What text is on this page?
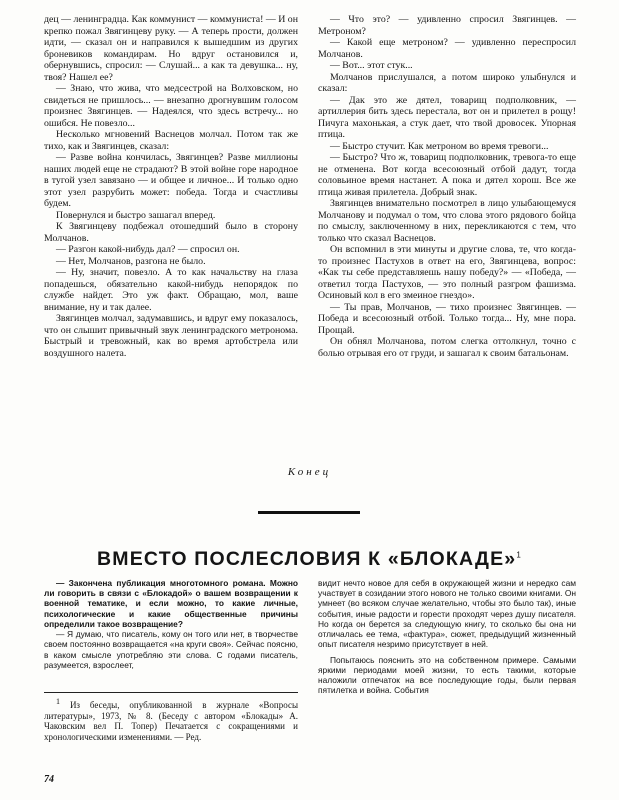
дец — ленинградца. Как коммунист — коммуниста! — И он крепко пожал Звягинцеву руку. — А теперь прости, должен идти, — сказал он и направился к вышедшим из других броневиков командирам. Но вдруг остановился и, обернувшись, спросил: — Слушай... а как та девушка... ну, твоя? Нашел ее?

— Знаю, что жива, что медсестрой на Волховском, но свидеться не пришлось... — внезапно дрогнувшим голосом произнес Звягинцев. — Надеялся, что здесь встречу... но ошибся. Не повезло...

Несколько мгновений Васнецов молчал. Потом так же тихо, как и Звягинцев, сказал:

— Разве война кончилась, Звягинцев? Разве миллионы наших людей еще не страдают? В этой войне горе народное в тугой узел завязано — и общее и личное... И только одно этот узел разрубить может: победа. Тогда и счастливы будем.

Повернулся и быстро зашагал вперед.

К Звягинцеву подбежал отошедший было в сторону Молчанов.

— Разгон какой-нибудь дал? — спросил он.

— Нет, Молчанов, разгона не было.

— Ну, значит, повезло. А то как начальству на глаза попадешься, обязательно какой-нибудь непорядок по службе найдет. Это уж факт. Обращаю, мол, ваше внимание, ну и так далее.

Звягинцев молчал, задумавшись, и вдруг ему показалось, что он слышит привычный звук ленинградского метронома. Быстрый и тревожный, как во время артобстрела или воздушного налета.

— Что это? — удивленно спросил Звягинцев. — Метроном?

— Какой еще метроном? — удивленно переспросил Молчанов.

— Вот... этот стук...

Молчанов прислушался, а потом широко улыбнулся и сказал:

— Дак это же дятел, товарищ подполковник, — артиллерия бить здесь перестала, вот он и прилетел в рощу! Пичуга махонькая, а стук дает, что твой дровосек. Упорная птица.

— Быстро стучит. Как метроном во время тревоги...

— Быстро? Что ж, товарищ подполковник, тревога-то еще не отменена. Вот когда всесоюзный отбой дадут, тогда соловьиное время настанет. А пока и дятел хорош. Все же птица живая прилетела. Добрый знак.

Звягинцев внимательно посмотрел в лицо улыбающемуся Молчанову и подумал о том, что слова этого рядового бойца по смыслу, заключенному в них, перекликаются с тем, что только что сказал Васнецов.

Он вспомнил в эти минуты и другие слова, те, что когда-то произнес Пастухов в ответ на его, Звягинцева, вопрос: «Как ты себе представляешь нашу победу?» — «Победа, — ответил тогда Пастухов, — это полный разгром фашизма. Осиновый кол в его змеиное гнездо».

— Ты прав, Молчанов, — тихо произнес Звягинцев. — Победа и всесоюзный отбой. Только тогда... Ну, мне пора. Прощай.

Он обнял Молчанова, потом слегка оттолкнул, точно с болью отрывая его от груди, и зашагал к своим батальонам.

Конец
ВМЕСТО ПОСЛЕСЛОВИЯ К «БЛОКАДЕ»$^1$

— Закончена публикация многотомного романа. Можно ли говорить в связи с «Блокадой» о вашем возвращении к военной тематике, и если можно, то какие личные, психологические и какие общественные причины определили такое возвращение?

— Я думаю, что писатель, кому он того или нет, в творчестве своем постоянно возвращается «на круги своя». Сейчас поясню, в каком смысле употребляю эти слова. С годами писатель, разумеется, взрослеет,

видит нечто новое для себя в окружающей жизни и нередко сам участвует в созидании этого нового не только своими книгами. Он умнеет (во всяком случае желательно, чтобы это было так), иные события, иные радости и горести проходят через душу писателя. Но когда он берется за следующую книгу, то сколько бы она ни отличалась ее тема, «фактура», сюжет, предыдущий жизненный опыт писателя незримо присутствует в ней.

Попытаюсь пояснить это на собственном примере. Самыми яркими периодами моей жизни, то есть такими, которые наложили отпечаток на все последующие годы, были первая пятилетка и война. События

$^1$ Из беседы, опубликованной в журнале «Вопросы литературы», 1973, № 8. (Беседу с автором «Блокады» А. Чаковским вел П. Топер) Печатается с сокращениями и хронологическими изменениями. — Ред.

74
